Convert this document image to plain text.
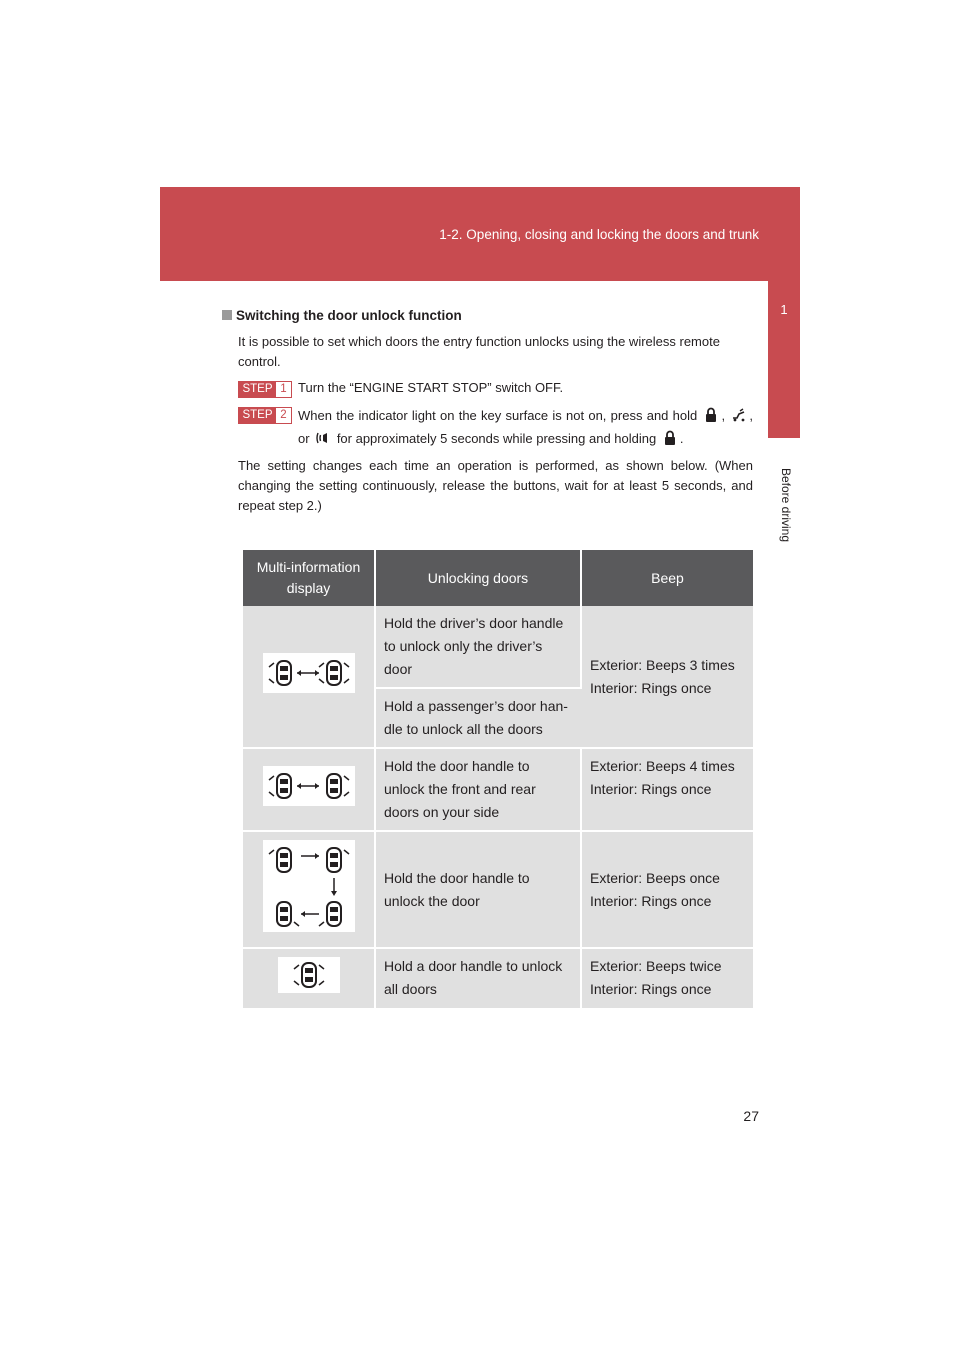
1-2. Opening, closing and locking the doors and trunk
1
Before driving
Switching the door unlock function

It is possible to set which doors the entry function unlocks using the wireless remote control.

STEP 1 Turn the “ENGINE START STOP” switch OFF.

STEP 2 When the indicator light on the key surface is not on, press and hold , , or for approximately 5 seconds while pressing and holding .

The setting changes each time an operation is performed, as shown below. (When changing the setting continuously, release the buttons, wait for at least 5 seconds, and repeat step 2.)

Multi-information display	Unlocking doors	Beep
	Hold the driver’s door handle to unlock only the driver’s door	Exterior: Beeps 3 times
Interior: Rings once

	Hold a passenger’s door han-dle to unlock all the doors	
	Hold the door handle to unlock the front and rear doors on your side	Exterior: Beeps 4 times
Interior: Rings once

	Hold the door handle to unlock the door	Exterior: Beeps once
Interior: Rings once

	Hold a door handle to unlock all doors	Exterior: Beeps twice
Interior: Rings once
27
